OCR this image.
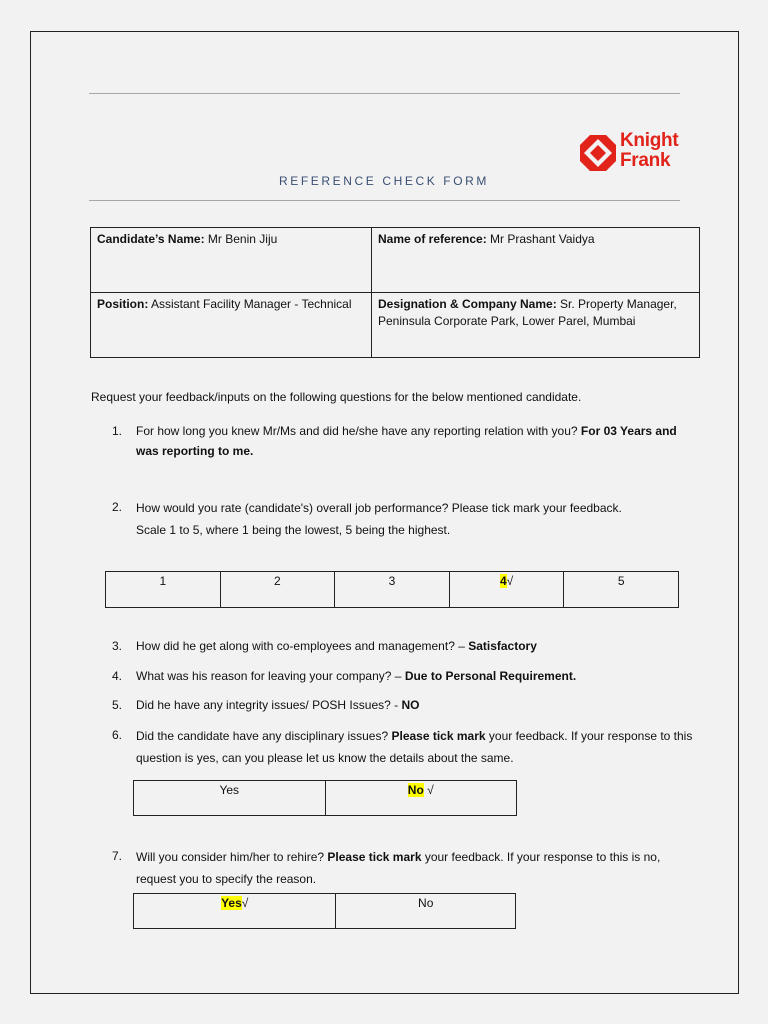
Knight
Frank
REFERENCE CHECK FORM
Candidate’s Name: Mr Benin Jiju	Name of reference: Mr Prashant Vaidya
Position: Assistant Facility Manager - Technical	Designation & Company Name: Sr. Property Manager, Peninsula Corporate Park, Lower Parel, Mumbai
Request your feedback/inputs on the following questions for the below mentioned candidate.
1.	For how long you knew Mr/Ms and did he/she have any reporting relation with you? For 03 Years and was reporting to me.
2.	How would you rate (candidate's) overall job performance? Please tick mark your feedback.
Scale 1 to 5, where 1 being the lowest, 5 being the highest.
1	2	3	4√	5
3.	How did he get along with co-employees and management? – Satisfactory
4.	What was his reason for leaving your company? – Due to Personal Requirement.
5.	Did he have any integrity issues/ POSH Issues? - NO
6.	Did the candidate have any disciplinary issues? Please tick mark your feedback. If your response to this question is yes, can you please let us know the details about the same.
Yes	No √
7.	Will you consider him/her to rehire? Please tick mark your feedback. If your response to this is no, request you to specify the reason.
Yes√	No
